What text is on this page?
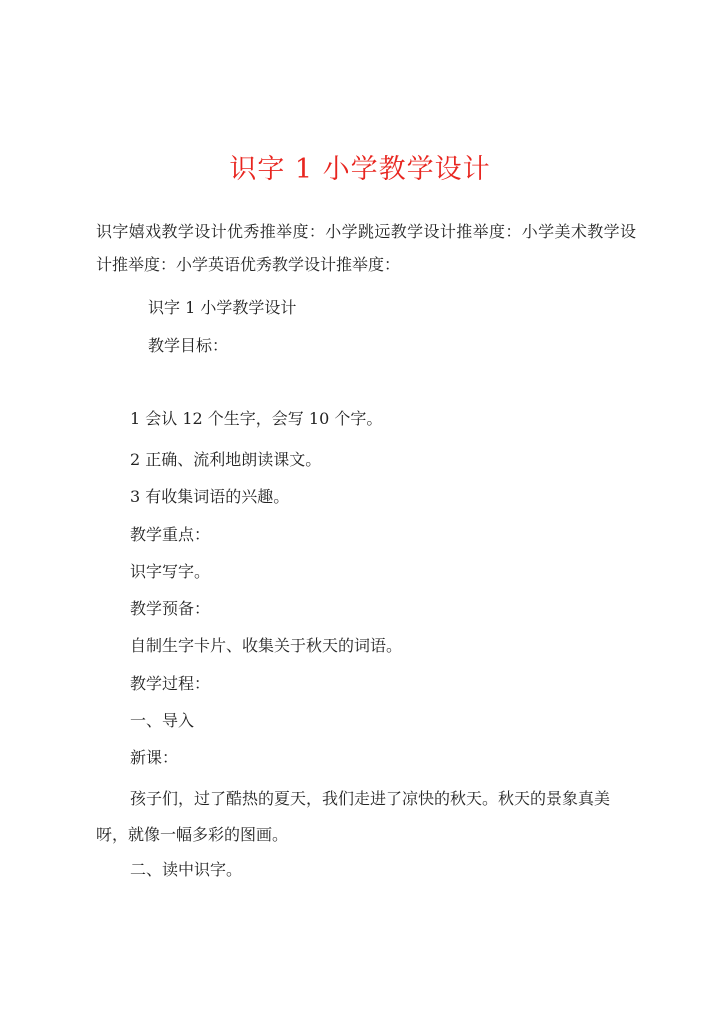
识字 1 小学教学设计
识字嬉戏教学设计优秀推举度：小学跳远教学设计推举度：小学美术教学设计推举度：小学英语优秀教学设计推举度：
识字 1 小学教学设计
教学目标：
1 会认 12 个生字，会写 10 个字。
2 正确、流利地朗读课文。
3 有收集词语的兴趣。
教学重点：
识字写字。
教学预备：
自制生字卡片、收集关于秋天的词语。
教学过程：
一、导入
新课：
孩子们，过了酷热的夏天，我们走进了凉快的秋天。秋天的景象真美呀，就像一幅多彩的图画。
二、读中识字。
